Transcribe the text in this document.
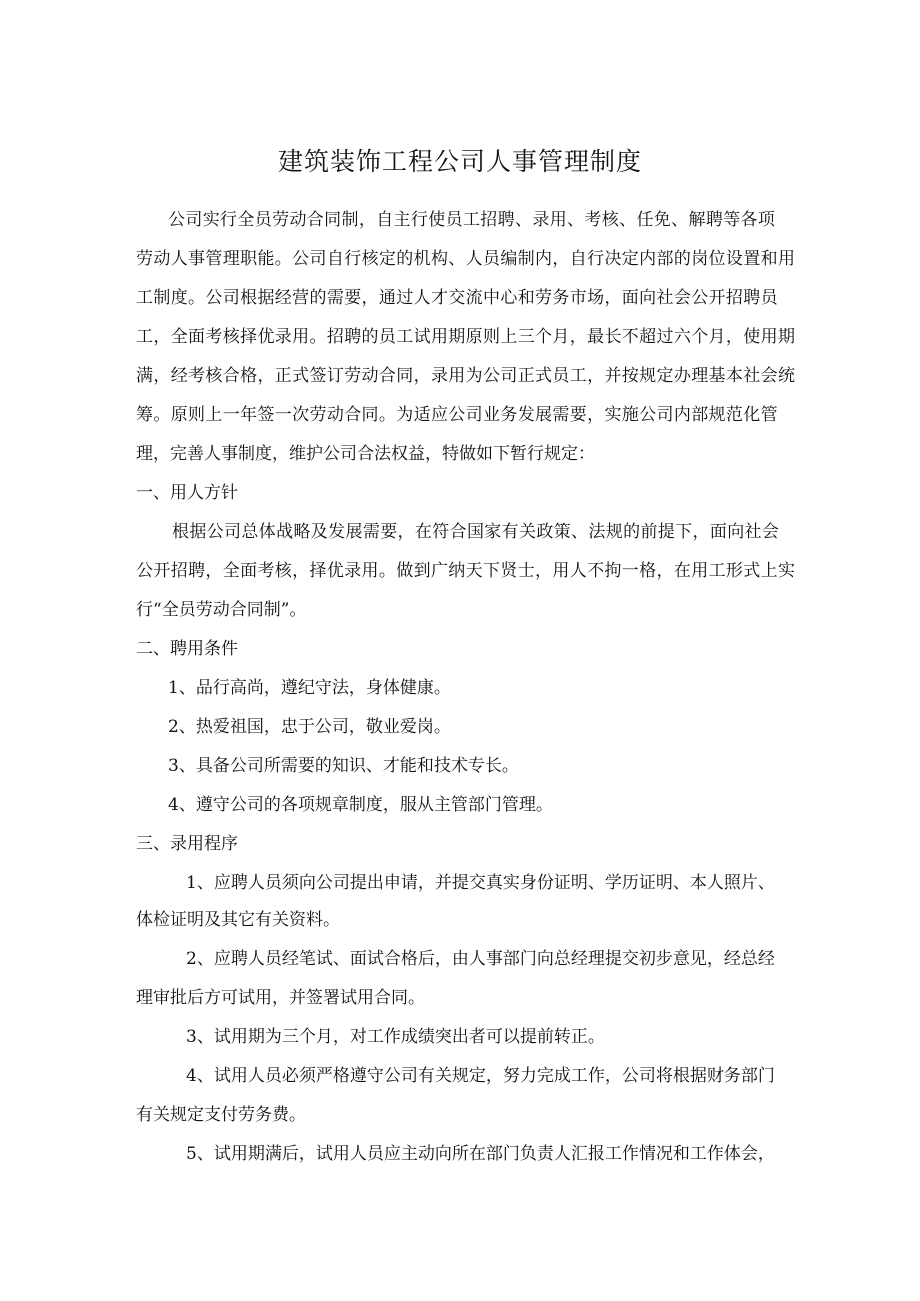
建筑装饰工程公司人事管理制度

公司实行全员劳动合同制，自主行使员工招聘、录用、考核、任免、解聘等各项

劳动人事管理职能。公司自行核定的机构、人员编制内，自行决定内部的岗位设置和用

工制度。公司根据经营的需要，通过人才交流中心和劳务市场，面向社会公开招聘员

工，全面考核择优录用。招聘的员工试用期原则上三个月，最长不超过六个月，使用期

满，经考核合格，正式签订劳动合同，录用为公司正式员工，并按规定办理基本社会统

筹。原则上一年签一次劳动合同。为适应公司业务发展需要，实施公司内部规范化管

理，完善人事制度，维护公司合法权益，特做如下暂行规定：

一、用人方针

根据公司总体战略及发展需要，在符合国家有关政策、法规的前提下，面向社会

公开招聘，全面考核，择优录用。做到广纳天下贤士，用人不拘一格，在用工形式上实

行“全员劳动合同制”。

二、聘用条件

1、品行高尚，遵纪守法，身体健康。

2、热爱祖国，忠于公司，敬业爱岗。

3、具备公司所需要的知识、才能和技术专长。

4、遵守公司的各项规章制度，服从主管部门管理。

三、录用程序

1、应聘人员须向公司提出申请，并提交真实身份证明、学历证明、本人照片、

体检证明及其它有关资料。

2、应聘人员经笔试、面试合格后，由人事部门向总经理提交初步意见，经总经

理审批后方可试用，并签署试用合同。

3、试用期为三个月，对工作成绩突出者可以提前转正。

4、试用人员必须严格遵守公司有关规定，努力完成工作，公司将根据财务部门

有关规定支付劳务费。

5、试用期满后，试用人员应主动向所在部门负责人汇报工作情况和工作体会，
